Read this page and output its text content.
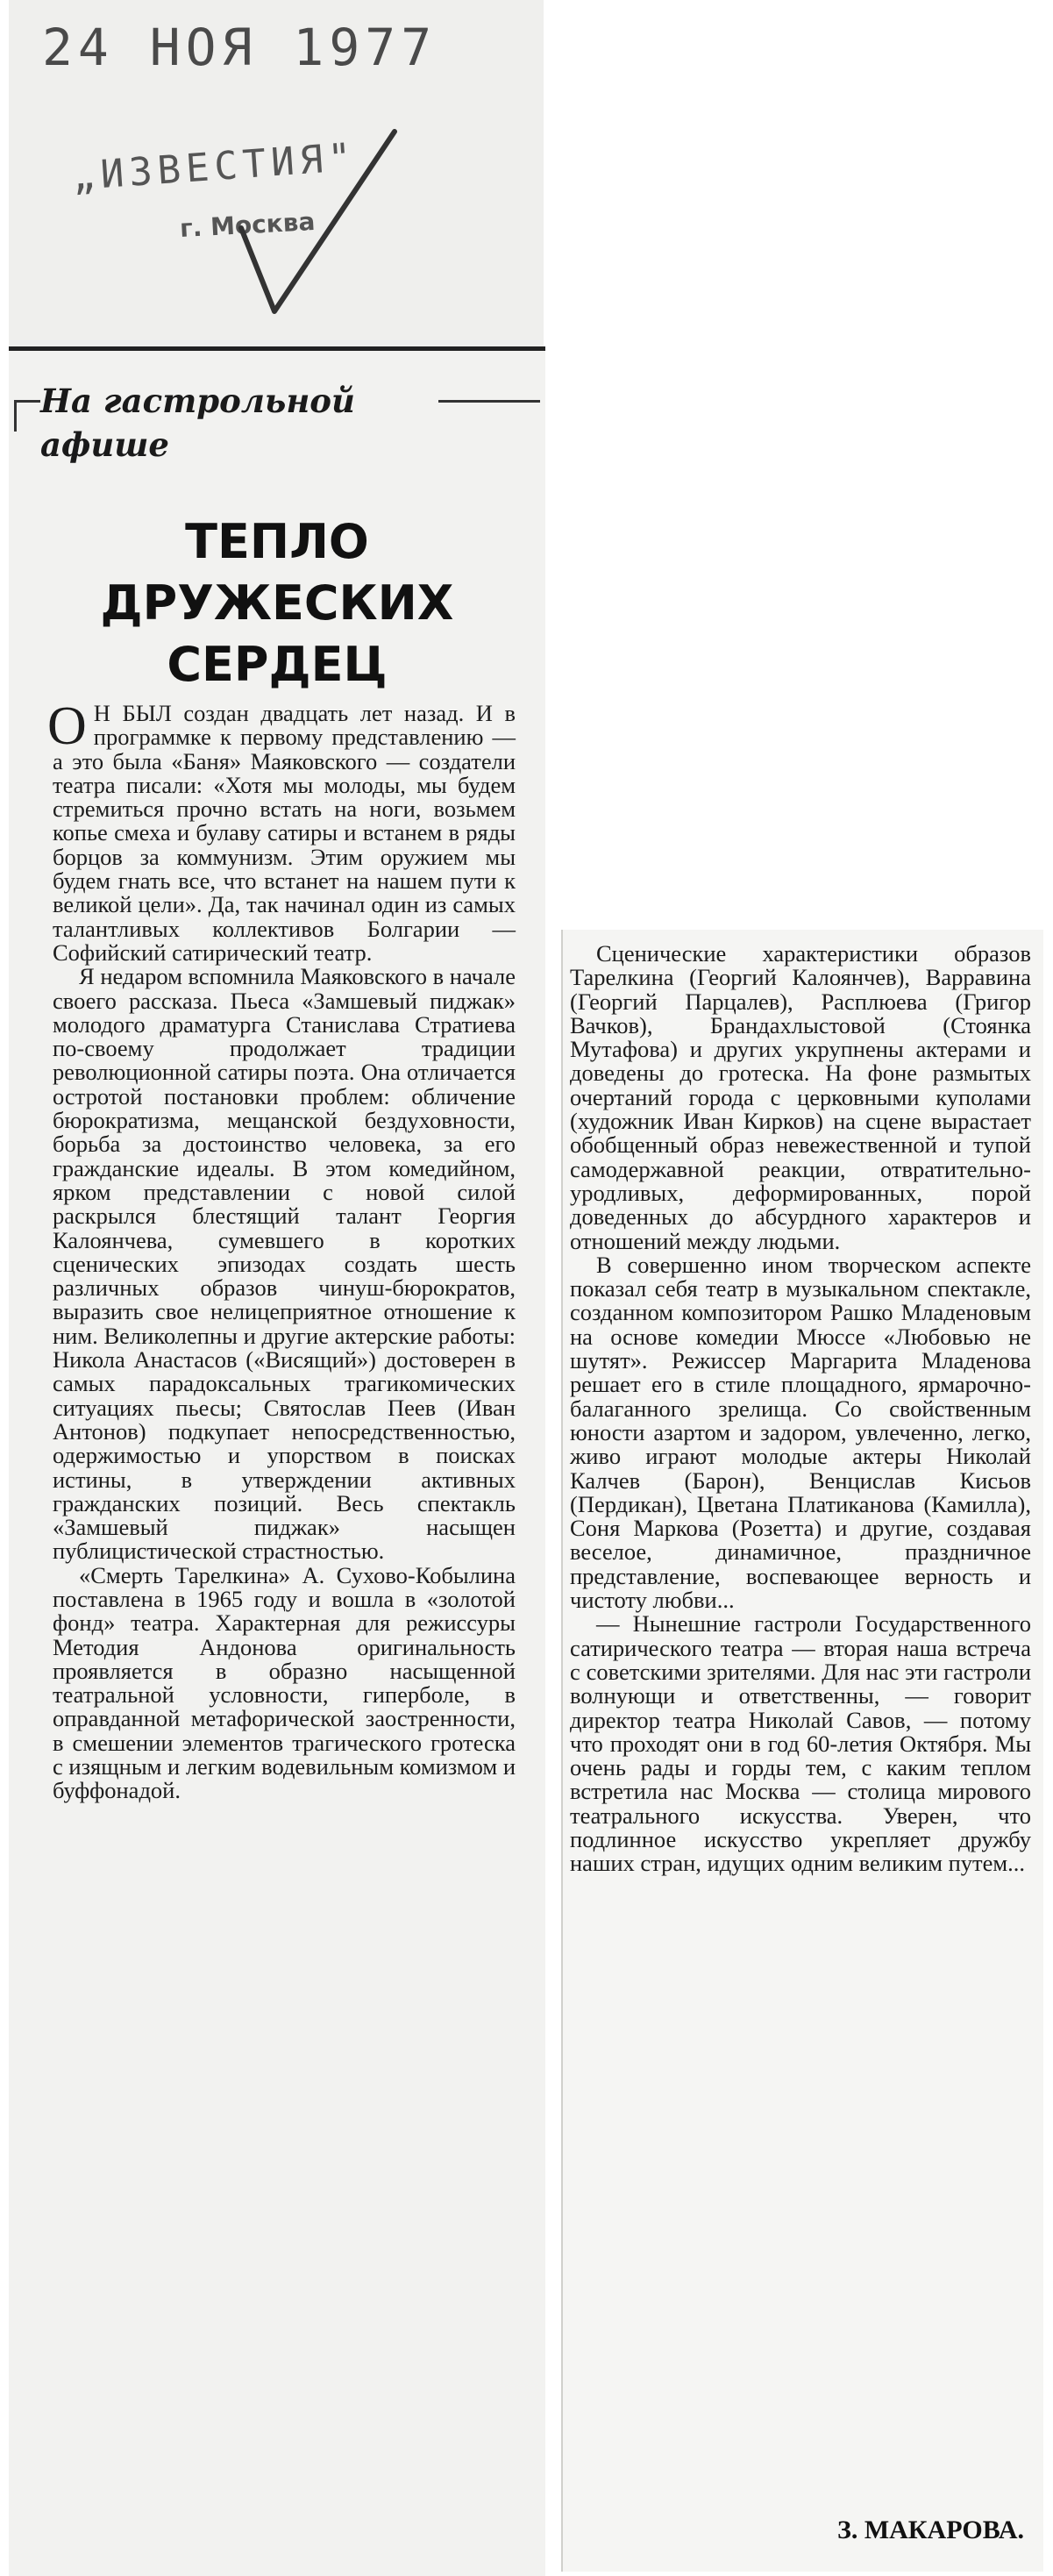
24 НОЯ 1977
„ИЗВЕСТИЯ"
г. Москва
На гастрольной афише
ТЕПЛО
ДРУЖЕСКИХ
СЕРДЕЦ

О Н БЫЛ создан двадцать лет назад. И в программке к первому представлению — а это была «Баня» Маяковского — создатели театра писали: «Хотя мы молоды, мы будем стремиться прочно встать на ноги, возьмем копье смеха и булаву сатиры и встанем в ряды борцов за коммунизм. Этим оружием мы будем гнать все, что встанет на нашем пути к великой цели». Да, так начинал один из самых талантливых коллективов Болгарии — Софийский сатирический театр.

Я недаром вспомнила Маяковского в начале своего рассказа. Пьеса «Замшевый пиджак» молодого драматурга Станислава Стратиева по-своему продолжает традиции революционной сатиры поэта. Она отличается остротой постановки проблем: обличение бюрократизма, мещанской бездуховности, борьба за достоинство человека, за его гражданские идеалы. В этом комедийном, ярком представлении с новой силой раскрылся блестящий талант Георгия Калоянчева, сумевшего в коротких сценических эпизодах создать шесть различных образов чинуш-бюрократов, выразить свое нелицеприятное отношение к ним. Великолепны и другие актерские работы: Никола Анастасов («Висящий») достоверен в самых парадоксальных трагикомических ситуациях пьесы; Святослав Пеев (Иван Антонов) подкупает непосредственностью, одержимостью и упорством в поисках истины, в утверждении активных гражданских позиций. Весь спектакль «Замшевый пиджак» насыщен публицистической страстностью.

«Смерть Тарелкина» А. Сухово-Кобылина поставлена в 1965 году и вошла в «золотой фонд» театра. Характерная для режиссуры Методия Андонова оригинальность проявляется в образно насыщенной театральной условности, гиперболе, в оправданной метафорической заостренности, в смешении элементов трагического гротеска с изящным и легким водевильным комизмом и буффонадой.

Сценические характеристики образов Тарелкина (Георгий Калоянчев), Варравина (Георгий Парцалев), Расплюева (Григор Вачков), Брандахлыстовой (Стоянка Мутафова) и других укрупнены актерами и доведены до гротеска. На фоне размытых очертаний города с церковными куполами (художник Иван Кирков) на сцене вырастает обобщенный образ невежественной и тупой самодержавной реакции, отвратительно-уродливых, деформированных, порой доведенных до абсурдного характеров и отношений между людьми.

В совершенно ином творческом аспекте показал себя театр в музыкальном спектакле, созданном композитором Рашко Младеновым на основе комедии Мюссе «Любовью не шутят». Режиссер Маргарита Младенова решает его в стиле площадного, ярмарочно-балаганного зрелища. Со свойственным юности азартом и задором, увлеченно, легко, живо играют молодые актеры Николай Калчев (Барон), Венцислав Кисьов (Пердикан), Цветана Платиканова (Камилла), Соня Маркова (Розетта) и другие, создавая веселое, динамичное, праздничное представление, воспевающее верность и чистоту любви...

— Нынешние гастроли Государственного сатирического театра — вторая наша встреча с советскими зрителями. Для нас эти гастроли волнующи и ответственны, — говорит директор театра Николай Савов, — потому что проходят они в год 60-летия Октября. Мы очень рады и горды тем, с каким теплом встретила нас Москва — столица мирового театрального искусства. Уверен, что подлинное искусство укрепляет дружбу наших стран, идущих одним великим путем...

З. МАКАРОВА.
